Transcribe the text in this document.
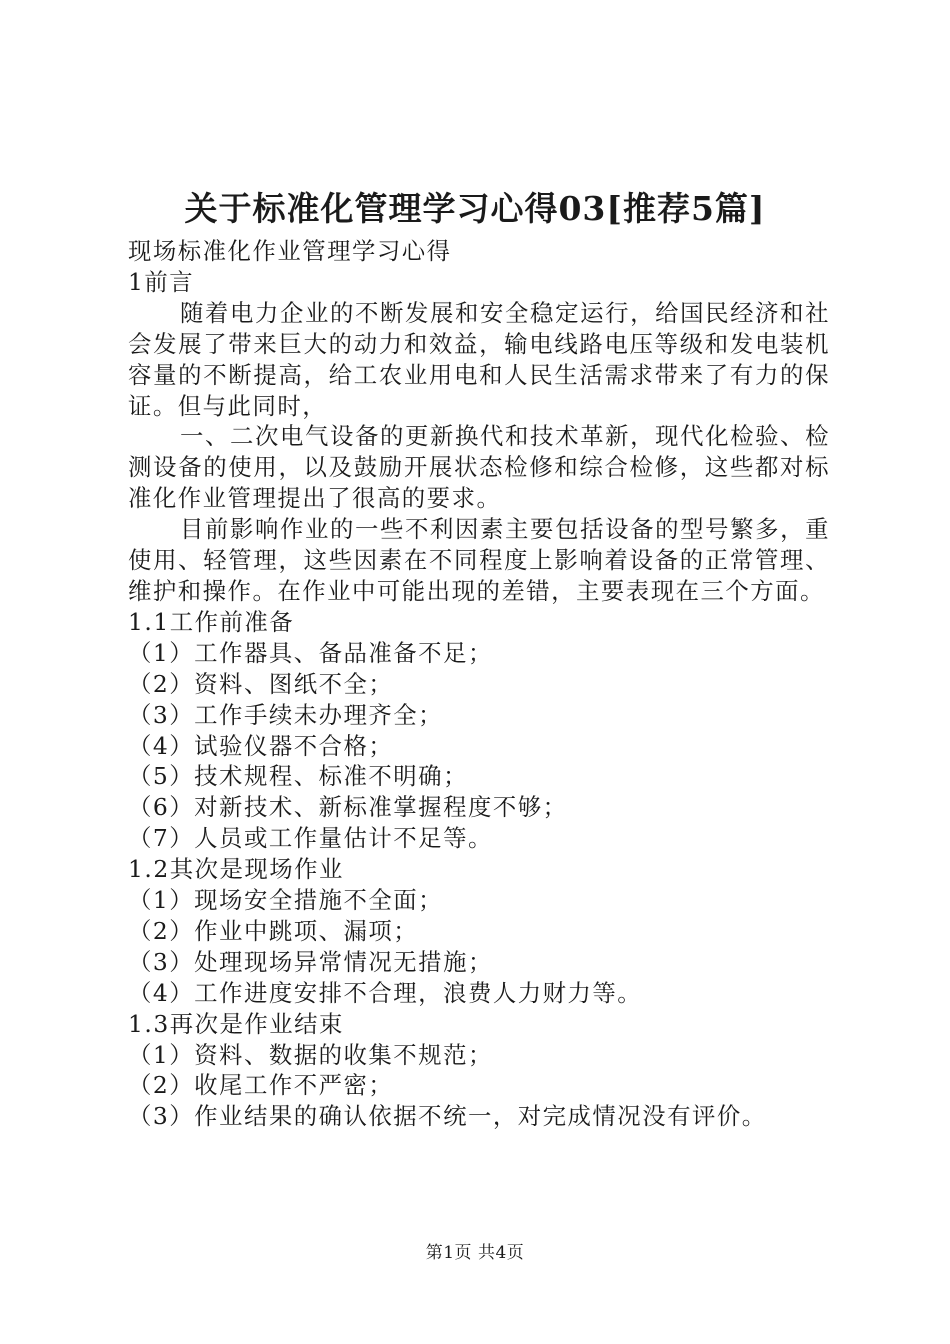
关于标准化管理学习心得03[推荐5篇]

现场标准化作业管理学习心得

1前言

随着电力企业的不断发展和安全稳定运行，给国民经济和社会发展了带来巨大的动力和效益，输电线路电压等级和发电装机容量的不断提高，给工农业用电和人民生活需求带来了有力的保证。但与此同时，

一、二次电气设备的更新换代和技术革新，现代化检验、检测设备的使用，以及鼓励开展状态检修和综合检修，这些都对标准化作业管理提出了很高的要求。

目前影响作业的一些不利因素主要包括设备的型号繁多，重使用、轻管理，这些因素在不同程度上影响着设备的正常管理、维护和操作。在作业中可能出现的差错，主要表现在三个方面。

1.1工作前准备

（1）工作器具、备品准备不足；

（2）资料、图纸不全；

（3）工作手续未办理齐全；

（4）试验仪器不合格；

（5）技术规程、标准不明确；

（6）对新技术、新标准掌握程度不够；

（7）人员或工作量估计不足等。

1.2其次是现场作业

（1）现场安全措施不全面；

（2）作业中跳项、漏项；

（3）处理现场异常情况无措施；

（4）工作进度安排不合理，浪费人力财力等。

1.3再次是作业结束

（1）资料、数据的收集不规范；

（2）收尾工作不严密；

（3）作业结果的确认依据不统一，对完成情况没有评价。

第1页 共4页
